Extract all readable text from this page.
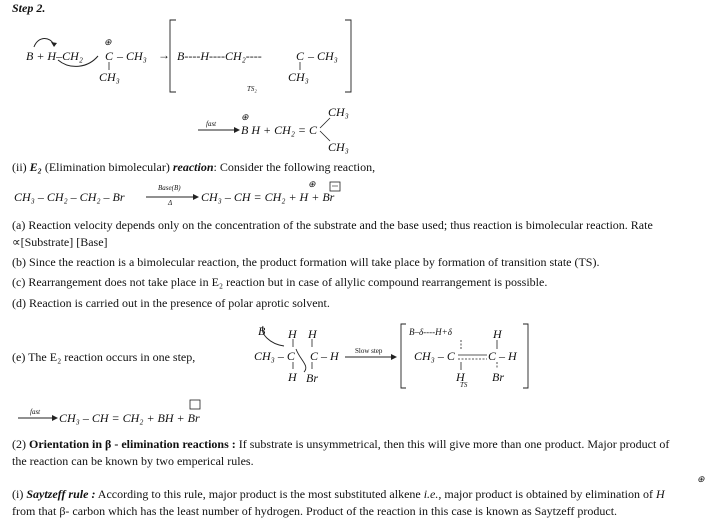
Step 2.
B + H–CH₂
⊕
C – CH₃
CH₃
→ B----H----CH₂----	C – CH₃
CH₃
TS₂
fast
⊕
B H + CH₂ = C
CH₃
CH₃
(ii) E₂ (Elimination bimolecular) reaction: Consider the following reaction,
CH₃ – CH₂ – CH₂ – Br
Base(B)
Δ
⊕
CH₃ – CH = CH₂ + H + Br
(a) Reaction velocity depends only on the concentration of the substrate and the base used; thus reaction is bimolecular reaction. Rate
∝[Substrate] [Base]
(b) Since the reaction is a bimolecular reaction, the product formation will take place by formation of transition state (TS).
(c) Rearrangement does not take place in E₂ reaction but in case of allylic compound rearrangement is possible.
(d) Reaction is carried out in the presence of polar aprotic solvent.
(e) The E₂ reaction occurs in one step,
B H H
CH₃ – C C – H
H Br
Slow step
B–δ----H+δ	H
CH₃ – C	C – H
H Br
TS
fast CH₃ – CH = CH₂ + BH + Br
(2) Orientation in β - elimination reactions : If substrate is unsymmetrical, then this will give more than one product. Major product of
the reaction can be known by two emperical rules.
⊕
(i) Saytzeff rule : According to this rule, major product is the most substituted alkene i.e., major product is obtained by elimination of H
from that β- carbon which has the least number of hydrogen. Product of the reaction in this case is known as Saytzeff product.
